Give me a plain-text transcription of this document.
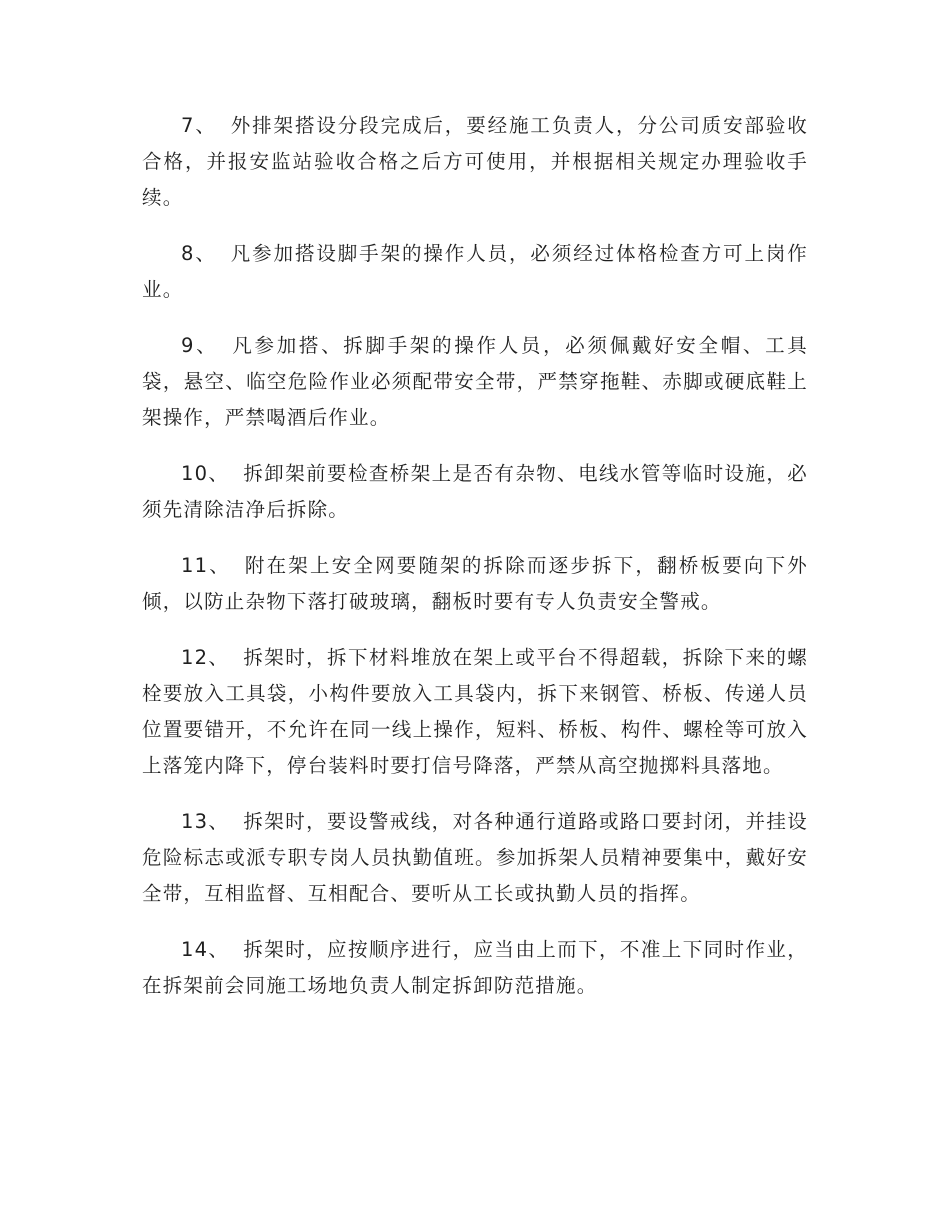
7、 外排架搭设分段完成后，要经施工负责人，分公司质安部验收合格，并报安监站验收合格之后方可使用，并根据相关规定办理验收手续。

8、 凡参加搭设脚手架的操作人员，必须经过体格检查方可上岗作业。

9、 凡参加搭、拆脚手架的操作人员，必须佩戴好安全帽、工具袋，悬空、临空危险作业必须配带安全带，严禁穿拖鞋、赤脚或硬底鞋上架操作，严禁喝酒后作业。

10、 拆卸架前要检查桥架上是否有杂物、电线水管等临时设施，必须先清除洁净后拆除。

11、 附在架上安全网要随架的拆除而逐步拆下，翻桥板要向下外倾，以防止杂物下落打破玻璃，翻板时要有专人负责安全警戒。

12、 拆架时，拆下材料堆放在架上或平台不得超载，拆除下来的螺栓要放入工具袋，小构件要放入工具袋内，拆下来钢管、桥板、传递人员位置要错开，不允许在同一线上操作，短料、桥板、构件、螺栓等可放入上落笼内降下，停台装料时要打信号降落，严禁从高空抛掷料具落地。

13、 拆架时，要设警戒线，对各种通行道路或路口要封闭，并挂设危险标志或派专职专岗人员执勤值班。参加拆架人员精神要集中，戴好安全带，互相监督、互相配合、要听从工长或执勤人员的指挥。

14、 拆架时，应按顺序进行，应当由上而下，不准上下同时作业，在拆架前会同施工场地负责人制定拆卸防范措施。
